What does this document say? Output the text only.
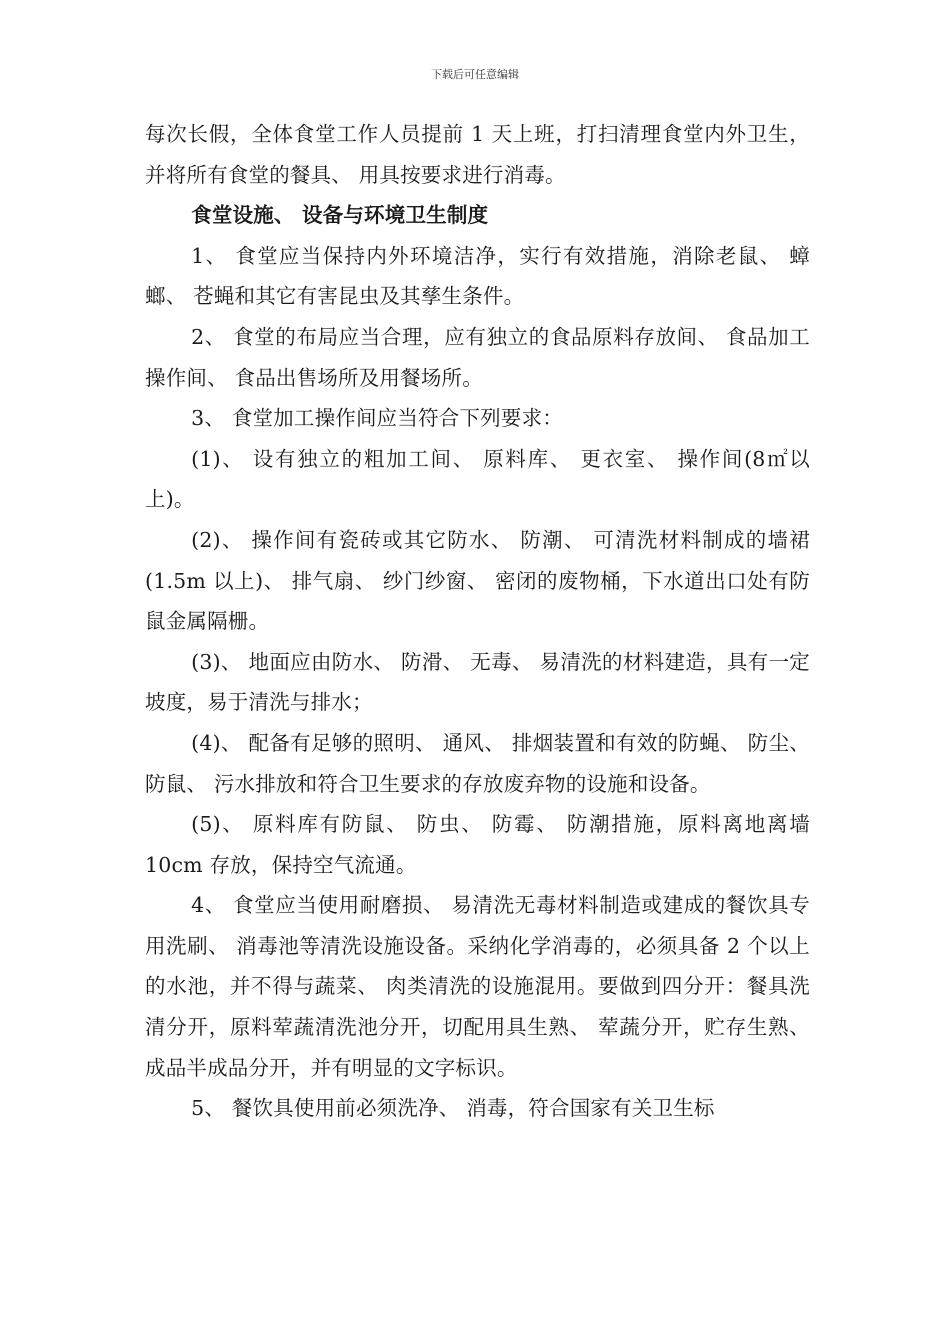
下载后可任意编辑

每次长假，全体食堂工作人员提前 1 天上班，打扫清理食堂内外卫生，并将所有食堂的餐具、 用具按要求进行消毒。

食堂设施、 设备与环境卫生制度

1、 食堂应当保持内外环境洁净，实行有效措施，消除老鼠、 蟑螂、 苍蝇和其它有害昆虫及其孳生条件。

2、 食堂的布局应当合理，应有独立的食品原料存放间、 食品加工操作间、 食品出售场所及用餐场所。

3、 食堂加工操作间应当符合下列要求：

(1)、 设有独立的粗加工间、 原料库、 更衣室、 操作间(8㎡以上)。

(2)、 操作间有瓷砖或其它防水、 防潮、 可清洗材料制成的墙裙(1.5m 以上)、 排气扇、 纱门纱窗、 密闭的废物桶，下水道出口处有防鼠金属隔栅。

(3)、 地面应由防水、 防滑、 无毒、 易清洗的材料建造，具有一定坡度，易于清洗与排水；

(4)、 配备有足够的照明、 通风、 排烟装置和有效的防蝇、 防尘、 防鼠、 污水排放和符合卫生要求的存放废弃物的设施和设备。

(5)、 原料库有防鼠、 防虫、 防霉、 防潮措施，原料离地离墙 10cm 存放，保持空气流通。

4、 食堂应当使用耐磨损、 易清洗无毒材料制造或建成的餐饮具专用洗刷、 消毒池等清洗设施设备。采纳化学消毒的，必须具备 2 个以上的水池，并不得与蔬菜、 肉类清洗的设施混用。要做到四分开：餐具洗清分开，原料荤蔬清洗池分开，切配用具生熟、 荤蔬分开，贮存生熟、 成品半成品分开，并有明显的文字标识。

5、 餐饮具使用前必须洗净、 消毒，符合国家有关卫生标
